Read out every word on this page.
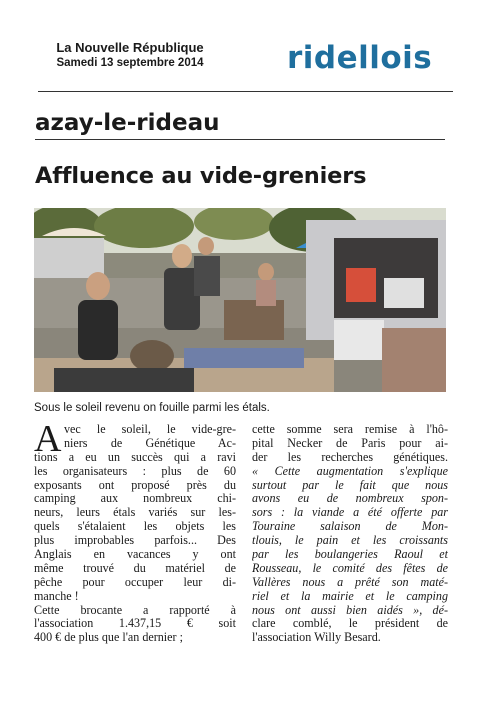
La Nouvelle République
Samedi 13 septembre 2014	ridellois
azay-le-rideau
Affluence au vide-greniers
Sous le soleil revenu on fouille parmi les étals.
A vec le soleil, le vide-gre-
niers de Génétique Ac-
tions a eu un succès qui a ravi
les organisateurs : plus de 60
exposants ont proposé près du
camping aux nombreux chi-
neurs, leurs étals variés sur les-
quels s'étalaient les objets les
plus improbables parfois... Des
Anglais en vacances y ont
même trouvé du matériel de
pêche pour occuper leur di-
manche !
Cette brocante a rapporté à
l'association 1.437,15 € soit
400 € de plus que l'an dernier ;
cette somme sera remise à l'hô-
pital Necker de Paris pour ai-
der les recherches génétiques.
« Cette augmentation s'explique
surtout par le fait que nous
avons eu de nombreux spon-
sors : la viande a été offerte par
Touraine salaison de Mon-
tlouis, le pain et les croissants
par les boulangeries Raoul et
Rousseau, le comité des fêtes de
Vallères nous a prêté son maté-
riel et la mairie et le camping
nous ont aussi bien aidés », dé-
clare comblé, le président de
l'association Willy Besard.
